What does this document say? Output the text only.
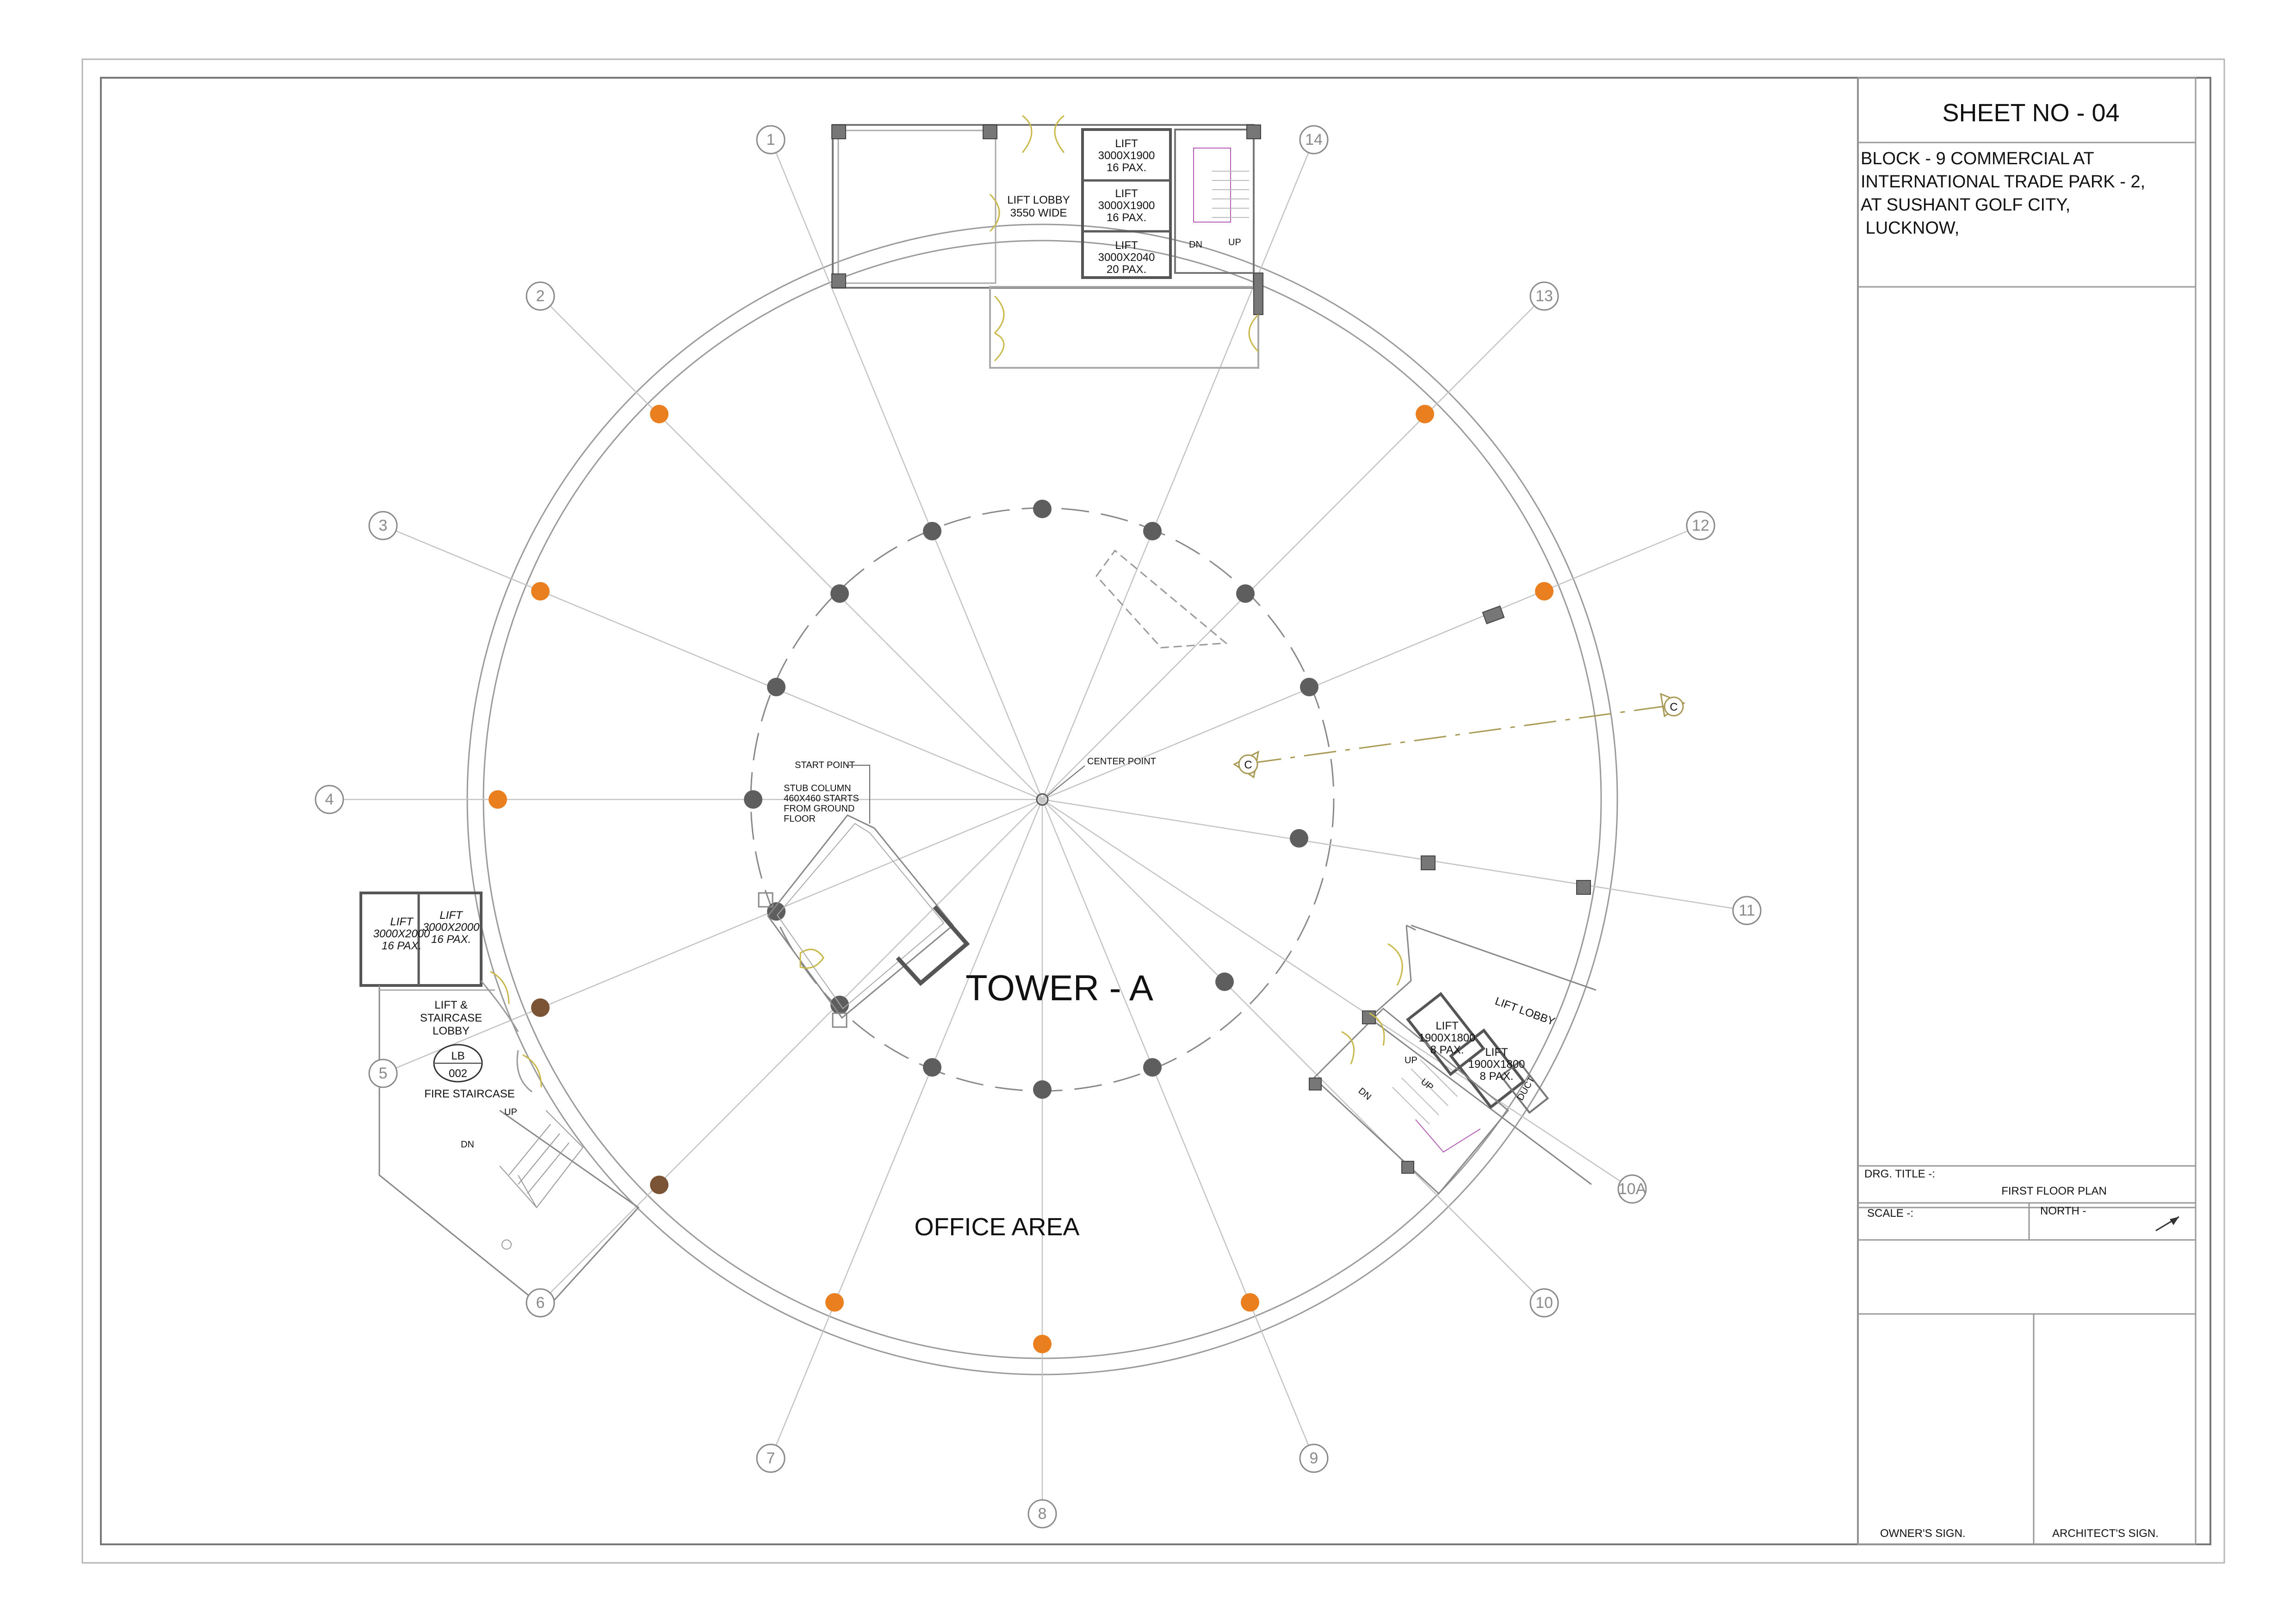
SHEET NO - 04
BLOCK - 9 COMMERCIAL AT
INTERNATIONAL TRADE PARK - 2,
AT SUSHANT GOLF CITY,
LUCKNOW,
DRG. TITLE -:
FIRST FLOOR PLAN
SCALE -:	NORTH -
OWNER'S SIGN.	ARCHITECT'S SIGN.
C
C
CENTER POINT
START POINT
STUB COLUMN
460X460 STARTS
FROM GROUND
FLOOR
LIFT LOBBY
3550 WIDE
LIFT
3000X1900
16 PAX.
LIFT
3000X1900
16 PAX.
LIFT
3000X2040
20 PAX.
DN	UP
LIFT
3000X2000
16 PAX.
LIFT
3000X2000
16 PAX.
LIFT &
STAIRCASE
LOBBY
LB
002
FIRE STAIRCASE
UP
DN
LIFT LOBBY
LIFT
1900X1800
8 PAX. LIFT
1900X1800
8 PAX. DUCT
UP
UP
DN
1
2
3
4
5
6
7
8
9
10
10A
11
12
13
14
TOWER - A
OFFICE AREA
